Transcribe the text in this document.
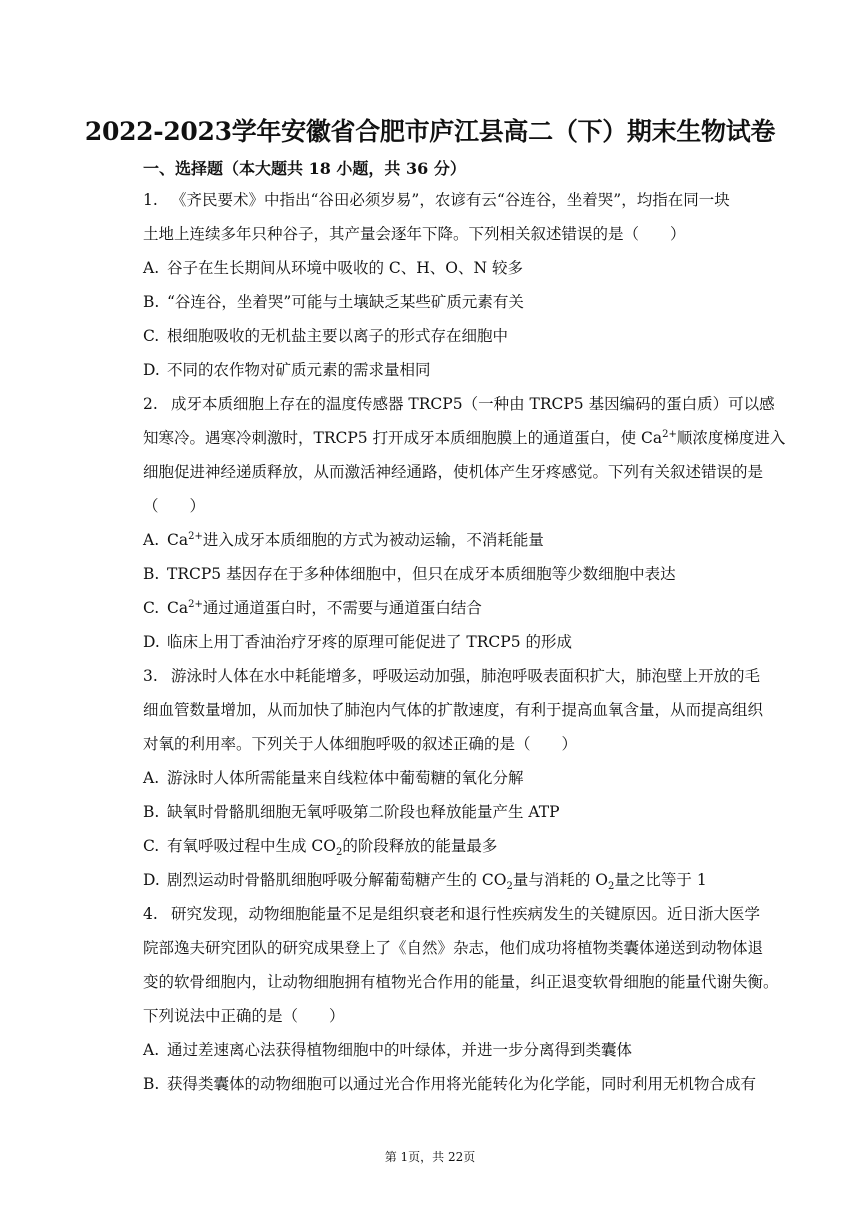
2022-2023学年安徽省合肥市庐江县高二（下）期末生物试卷
一、选择题（本大题共 18 小题，共 36 分）
1. 《齐民要术》中指出“谷田必须岁易”，农谚有云“谷连谷，坐着哭”，均指在同一块
土地上连续多年只种谷子，其产量会逐年下降。下列相关叙述错误的是（　　）
A. 谷子在生长期间从环境中吸收的 C、H、O、N 较多
B. “谷连谷，坐着哭”可能与土壤缺乏某些矿质元素有关
C. 根细胞吸收的无机盐主要以离子的形式存在细胞中
D. 不同的农作物对矿质元素的需求量相同
2. 成牙本质细胞上存在的温度传感器 TRCP5（一种由 TRCP5 基因编码的蛋白质）可以感
知寒冷。遇寒冷刺激时，TRCP5 打开成牙本质细胞膜上的通道蛋白，使 $Ca^{2+}$顺浓度梯度进入
细胞促进神经递质释放，从而激活神经通路，使机体产生牙疼感觉。下列有关叙述错误的是
（　　）
A. $Ca^{2+}$进入成牙本质细胞的方式为被动运输，不消耗能量
B. TRCP5 基因存在于多种体细胞中，但只在成牙本质细胞等少数细胞中表达
C. $Ca^{2+}$通过通道蛋白时，不需要与通道蛋白结合
D. 临床上用丁香油治疗牙疼的原理可能促进了 TRCP5 的形成
3. 游泳时人体在水中耗能增多，呼吸运动加强，肺泡呼吸表面积扩大，肺泡壁上开放的毛
细血管数量增加，从而加快了肺泡内气体的扩散速度，有利于提高血氧含量，从而提高组织
对氧的利用率。下列关于人体细胞呼吸的叙述正确的是（　　）
A. 游泳时人体所需能量来自线粒体中葡萄糖的氧化分解
B. 缺氧时骨骼肌细胞无氧呼吸第二阶段也释放能量产生 ATP
C. 有氧呼吸过程中生成 $CO_2$的阶段释放的能量最多
D. 剧烈运动时骨骼肌细胞呼吸分解葡萄糖产生的 $CO_2$量与消耗的 $O_2$量之比等于 1
4. 研究发现，动物细胞能量不足是组织衰老和退行性疾病发生的关键原因。近日浙大医学
院部逸夫研究团队的研究成果登上了《自然》杂志，他们成功将植物类囊体递送到动物体退
变的软骨细胞内，让动物细胞拥有植物光合作用的能量，纠正退变软骨细胞的能量代谢失衡。
下列说法中正确的是（　　）
A. 通过差速离心法获得植物细胞中的叶绿体，并进一步分离得到类囊体
B. 获得类囊体的动物细胞可以通过光合作用将光能转化为化学能，同时利用无机物合成有
第 1页，共 22页
